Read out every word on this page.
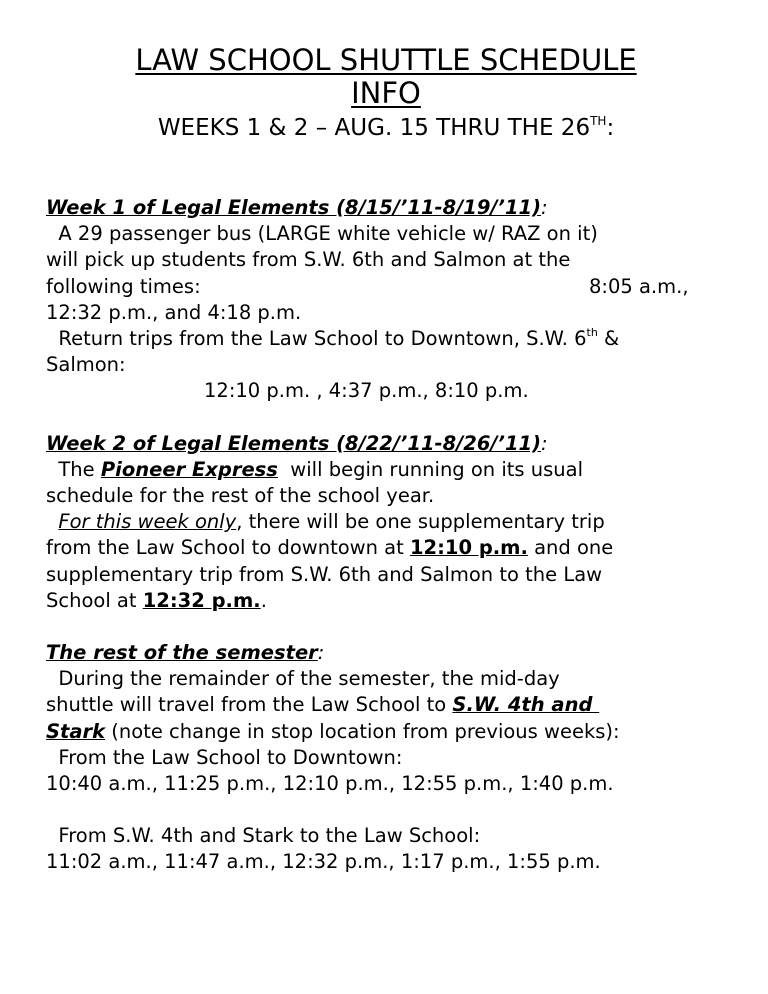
LAW SCHOOL SHUTTLE SCHEDULE
INFO

WEEKS 1 & 2 – AUG. 15 THRU THE 26TH:

Week 1 of Legal Elements (8/15/’11-8/19/’11):

A 29 passenger bus (LARGE white vehicle w/ RAZ on it)

will pick up students from S.W. 6th and Salmon at the

following times:	8:05 a.m.,

12:32 p.m., and 4:18 p.m.

Return trips from the Law School to Downtown, S.W. 6th &

Salmon:

12:10 p.m. , 4:37 p.m., 8:10 p.m.

Week 2 of Legal Elements (8/22/’11-8/26/’11):

The Pioneer Express  will begin running on its usual

schedule for the rest of the school year.

For this week only, there will be one supplementary trip

from the Law School to downtown at 12:10 p.m. and one

supplementary trip from S.W. 6th and Salmon to the Law

School at 12:32 p.m..

The rest of the semester:

During the remainder of the semester, the mid-day

shuttle will travel from the Law School to S.W. 4th and

Stark (note change in stop location from previous weeks):

From the Law School to Downtown:

10:40 a.m., 11:25 p.m., 12:10 p.m., 12:55 p.m., 1:40 p.m.

From S.W. 4th and Stark to the Law School:

11:02 a.m., 11:47 a.m., 12:32 p.m., 1:17 p.m., 1:55 p.m.
